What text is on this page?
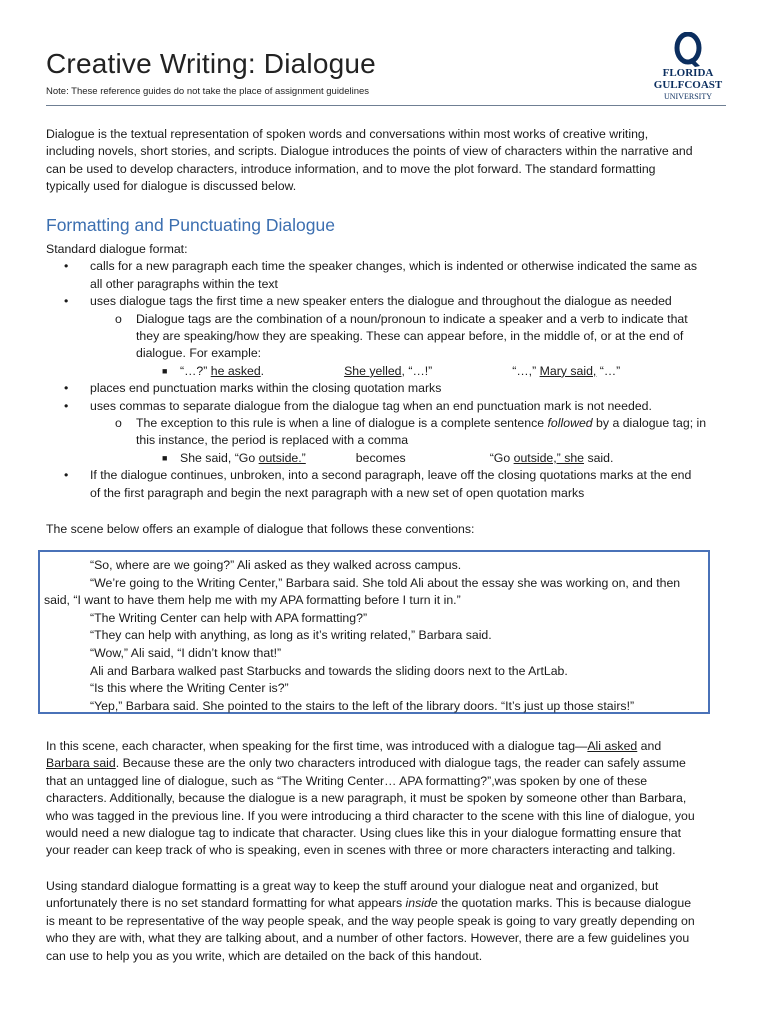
Creative Writing: Dialogue
Note: These reference guides do not take the place of assignment guidelines
FLORIDA
GULFCOAST
UNIVERSITY
Dialogue is the textual representation of spoken words and conversations within most works of creative writing,
including novels, short stories, and scripts. Dialogue introduces the points of view of characters within the narrative and
can be used to develop characters, introduce information, and to move the plot forward. The standard formatting
typically used for dialogue is discussed below.
Formatting and Punctuating Dialogue
Standard dialogue format:
• calls for a new paragraph each time the speaker changes, which is indented or otherwise indicated the same as
all other paragraphs within the text
• uses dialogue tags the first time a new speaker enters the dialogue and throughout the dialogue as needed
o Dialogue tags are the combination of a noun/pronoun to indicate a speaker and a verb to indicate that
they are speaking/how they are speaking. These can appear before, in the middle of, or at the end of
dialogue. For example:
■ “…?” he asked.	She yelled, “…!”	“…,” Mary said, “…”
• places end punctuation marks within the closing quotation marks
• uses commas to separate dialogue from the dialogue tag when an end punctuation mark is not needed.
o The exception to this rule is when a line of dialogue is a complete sentence followed by a dialogue tag; in
this instance, the period is replaced with a comma
■ She said, “Go outside.”	becomes	“Go outside,” she said.
• If the dialogue continues, unbroken, into a second paragraph, leave off the closing quotations marks at the end
of the first paragraph and begin the next paragraph with a new set of open quotation marks
The scene below offers an example of dialogue that follows these conventions:
“So, where are we going?” Ali asked as they walked across campus.
“We’re going to the Writing Center,” Barbara said. She told Ali about the essay she was working on, and then
said, “I want to have them help me with my APA formatting before I turn it in.”
“The Writing Center can help with APA formatting?”
“They can help with anything, as long as it’s writing related,” Barbara said.
“Wow,” Ali said, “I didn’t know that!”
Ali and Barbara walked past Starbucks and towards the sliding doors next to the ArtLab.
“Is this where the Writing Center is?”
“Yep,” Barbara said. She pointed to the stairs to the left of the library doors. “It’s just up those stairs!”
In this scene, each character, when speaking for the first time, was introduced with a dialogue tag—Ali asked and
Barbara said. Because these are the only two characters introduced with dialogue tags, the reader can safely assume
that an untagged line of dialogue, such as “The Writing Center… APA formatting?”,was spoken by one of these
characters. Additionally, because the dialogue is a new paragraph, it must be spoken by someone other than Barbara,
who was tagged in the previous line. If you were introducing a third character to the scene with this line of dialogue, you
would need a new dialogue tag to indicate that character. Using clues like this in your dialogue formatting ensure that
your reader can keep track of who is speaking, even in scenes with three or more characters interacting and talking.
Using standard dialogue formatting is a great way to keep the stuff around your dialogue neat and organized, but
unfortunately there is no set standard formatting for what appears inside the quotation marks. This is because dialogue
is meant to be representative of the way people speak, and the way people speak is going to vary greatly depending on
who they are with, what they are talking about, and a number of other factors. However, there are a few guidelines you
can use to help you as you write, which are detailed on the back of this handout.
